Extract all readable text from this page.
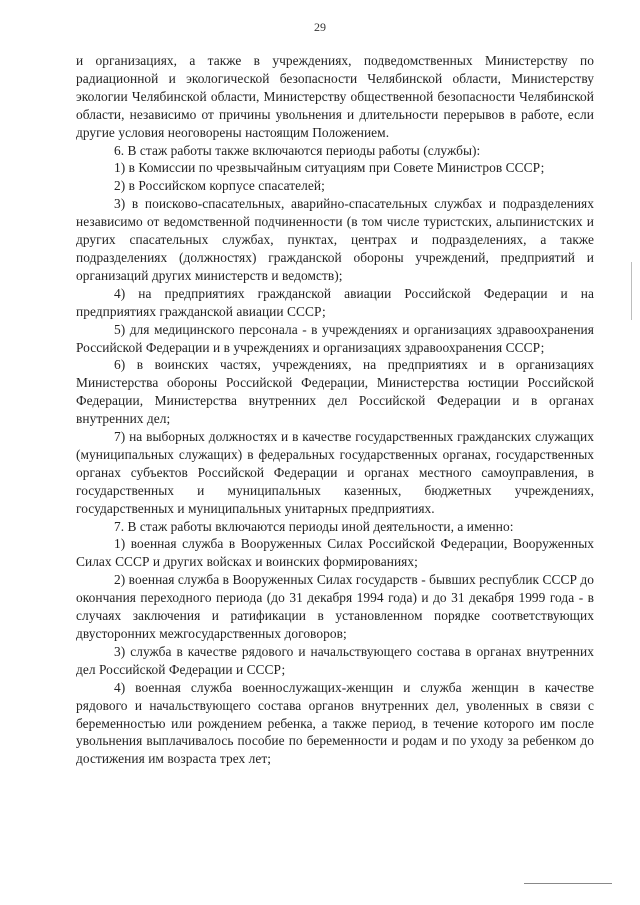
29

и организациях, а также в учреждениях, подведомственных Министерству по радиационной и экологической безопасности Челябинской области, Министерству экологии Челябинской области, Министерству общественной безопасности Челябинской области, независимо от причины увольнения и длительности перерывов в работе, если другие условия неоговорены настоящим Положением.

6. В стаж работы также включаются периоды работы (службы):

1) в Комиссии по чрезвычайным ситуациям при Совете Министров СССР;

2) в Российском корпусе спасателей;

3) в поисково-спасательных, аварийно-спасательных службах и подразделениях независимо от ведомственной подчиненности (в том числе туристских, альпинистских и других спасательных службах, пунктах, центрах и подразделениях, а также подразделениях (должностях) гражданской обороны учреждений, предприятий и организаций других министерств и ведомств);

4) на предприятиях гражданской авиации Российской Федерации и на предприятиях гражданской авиации СССР;

5) для медицинского персонала - в учреждениях и организациях здравоохранения Российской Федерации и в учреждениях и организациях здравоохранения СССР;

6) в воинских частях, учреждениях, на предприятиях и в организациях Министерства обороны Российской Федерации, Министерства юстиции Российской Федерации, Министерства внутренних дел Российской Федерации и в органах внутренних дел;

7) на выборных должностях и в качестве государственных гражданских служащих (муниципальных служащих) в федеральных государственных органах, государственных органах субъектов Российской Федерации и органах местного самоуправления, в государственных и муниципальных казенных, бюджетных учреждениях, государственных и муниципальных унитарных предприятиях.

7. В стаж работы включаются периоды иной деятельности, а именно:

1) военная служба в Вооруженных Силах Российской Федерации, Вооруженных Силах СССР и других войсках и воинских формированиях;

2) военная служба в Вооруженных Силах государств - бывших республик СССР до окончания переходного периода (до 31 декабря 1994 года) и до 31 декабря 1999 года - в случаях заключения и ратификации в установленном порядке соответствующих двусторонних межгосударственных договоров;

3) служба в качестве рядового и начальствующего состава в органах внутренних дел Российской Федерации и СССР;

4) военная служба военнослужащих-женщин и служба женщин в качестве рядового и начальствующего состава органов внутренних дел, уволенных в связи с беременностью или рождением ребенка, а также период, в течение которого им после увольнения выплачивалось пособие по беременности и родам и по уходу за ребенком до достижения им возраста трех лет;
